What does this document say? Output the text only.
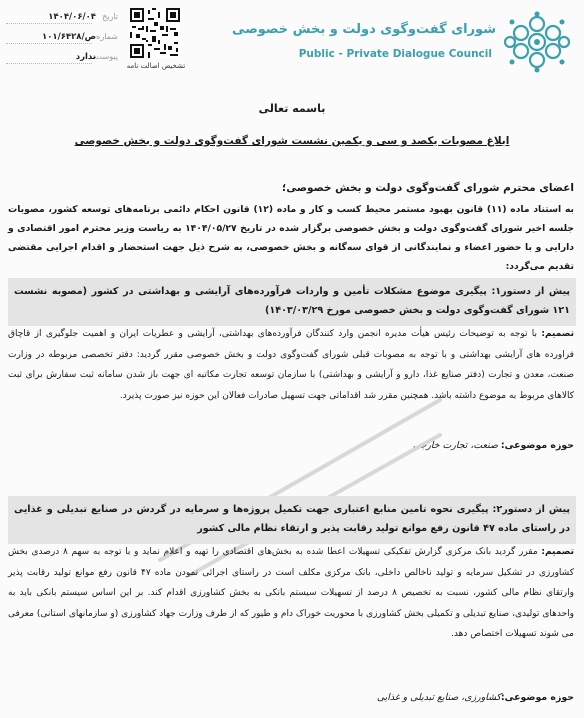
شورای گفت‌وگوی دولت و بخش خصوصی
Public - Private Dialogue Council
تشخیص اصالت نامه
تاریخ
۱۴۰۴/۰۶/۰۴
شماره
۱۰۱/۶۴۲۸/ص
پیوست
ندارد
باسمه تعالی
ابلاغ مصوبات یکصد و سی و یکمین نشست شورای گفت‌وگوی دولت و بخش خصوصی
اعضای محترم شورای گفت‌وگوی دولت و بخش خصوصی؛
به استناد ماده (۱۱) قانون بهبود مستمر محیط کسب و کار و ماده (۱۲) قانون احکام دائمی برنامه‌های توسعه کشور، مصوبات جلسه اخیر شورای گفت‌وگوی دولت و بخش خصوصی برگزار شده در تاریخ ۱۴۰۴/۰۵/۲۷ به ریاست وزیر محترم امور اقتصادی و دارایی و با حضور اعضاء و نمایندگانی از قوای سه‌گانه و بخش خصوصی، به شرح ذیل جهت استحضار و اقدام اجرایی مقتضی تقدیم می‌گردد:
پیش از دستور۱: پیگیری موضوع مشکلات تأمین و واردات فرآورده‌های آرایشی و بهداشتی در کشور (مصوبه نشست ۱۲۱ شورای گفت‌وگوی دولت و بخش خصوصی مورخ ۱۴۰۳/۰۳/۲۹)
تصمیم: با توجه به توضیحات رئیس هیأت مدیره انجمن وارد کنندگان فرآورده‌های بهداشتی، آرایشی و عطریات ایران و اهمیت جلوگیری از قاچاق فراورده های آرایشی بهداشتی و با توجه به مصوبات قبلی شورای گفت‌وگوی دولت و بخش خصوصی مقرر گردید: دفتر تخصصی مربوطه در وزارت صنعت، معدن و تجارت (دفتر صنایع غذا، دارو و آرایشی و بهداشتی) با سازمان توسعه تجارت مکاتبه ای جهت باز شدن سامانه ثبت سفارش برای ثبت کالاهای مربوط به موضوع داشته باشد. همچنین مقرر شد اقداماتی جهت تسهیل صادرات فعالان این حوزه نیز صورت پذیرد.
حوزه موضوعی: صنعت، تجارت خارجی
پیش از دستور۲: پیگیری نحوه تامین منابع اعتباری جهت تکمیل پروژه‌ها و سرمایه در گردش در صنایع تبدیلی و غذایی در راستای ماده ۴۷ قانون رفع موانع تولید رقابت پذیر و ارتقاء نظام مالی کشور
تصمیم: مقرر گردید بانک مرکزی گزارش تفکیکی تسهیلات اعطا شده به بخش‌های اقتصادی را تهیه و اعلام نماید و با توجه به سهم ۸ درصدی بخش کشاورزی در تشکیل سرمایه و تولید ناخالص داخلی، بانک مرکزی مکلف است در راستای اجرائی نمودن ماده ۴۷ قانون رفع موانع تولید رقابت پذیر وارتقای نظام مالی کشور، نسبت به تخصیص ۸ درصد از تسهیلات سیستم بانکی به بخش کشاورزی اقدام کند. بر این اساس سیستم بانکی باید به واحدهای تولیدی، صنایع تبدیلی و تکمیلی بخش کشاورزی با محوریت خوراک دام و طیور که از طرف وزارت جهاد کشاورزی (و سازمانهای استانی) معرفی می شوند تسهیلات اختصاص دهد.
حوزه موضوعی:کشاورزی، صنایع تبدیلی و غذایی
